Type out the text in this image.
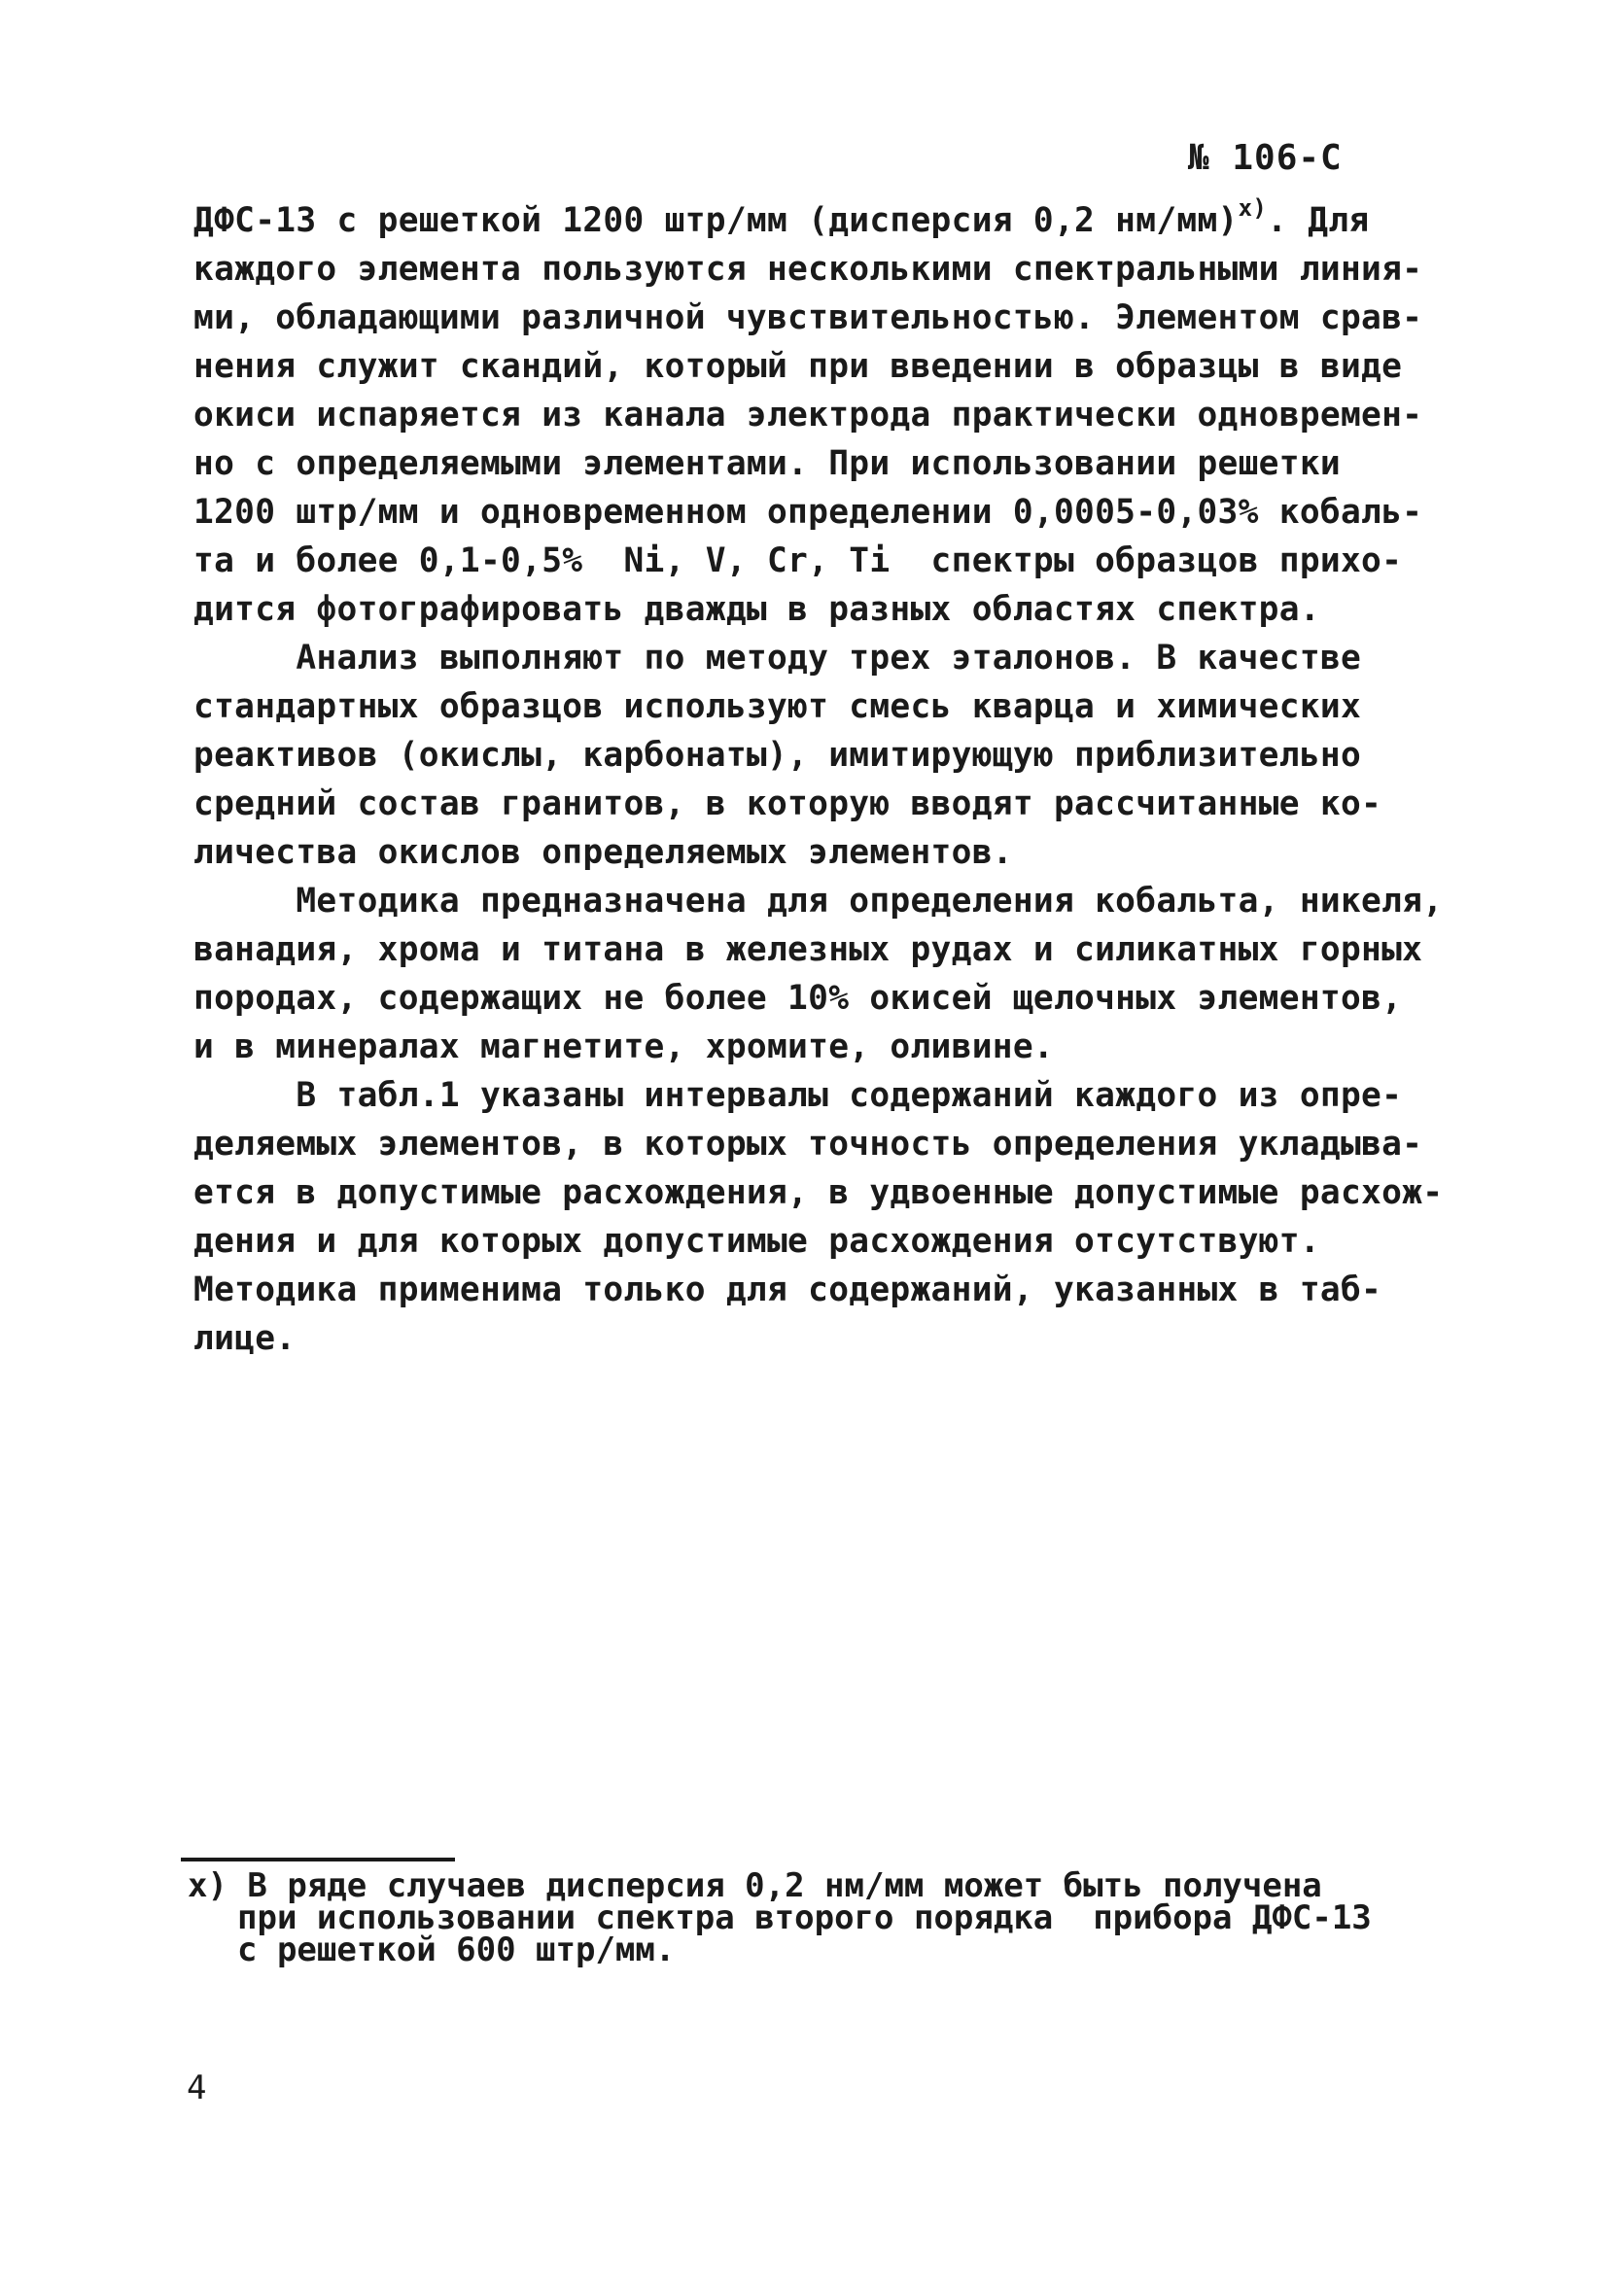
№ 106-С
ДФС-13 с решеткой 1200 штр/мм (дисперсия 0,2 нм/мм)$^{х)}$. Для
каждого элемента пользуются несколькими спектральными линия-
ми, обладающими различной чувствительностью. Элементом срав-
нения служит скандий, который при введении в образцы в виде
окиси испаряется из канала электрода практически одновремен-
но с определяемыми элементами. При использовании решетки
1200 штр/мм и одновременном определении 0,0005-0,03% кобаль-
та и более 0,1-0,5%  Ni, V, Cr, Ti  спектры образцов прихо-
дится фотографировать дважды в разных областях спектра.
Анализ выполняют по методу трех эталонов. В качестве
стандартных образцов используют смесь кварца и химических
реактивов (окислы, карбонаты), имитирующую приблизительно
средний состав гранитов, в которую вводят рассчитанные ко-
личества окислов определяемых элементов.
Методика предназначена для определения кобальта, никеля,
ванадия, хрома и титана в железных рудах и силикатных горных
породах, содержащих не более 10% окисей щелочных элементов,
и в минералах магнетите, хромите, оливине.
В табл.1 указаны интервалы содержаний каждого из опре-
деляемых элементов, в которых точность определения укладыва-
ется в допустимые расхождения, в удвоенные допустимые расхож-
дения и для которых допустимые расхождения отсутствуют.
Методика применима только для содержаний, указанных в таб-
лице.
х) В ряде случаев дисперсия 0,2 нм/мм может быть получена
при использовании спектра второго порядка  прибора ДФС-13
с решеткой 600 штр/мм.
4
